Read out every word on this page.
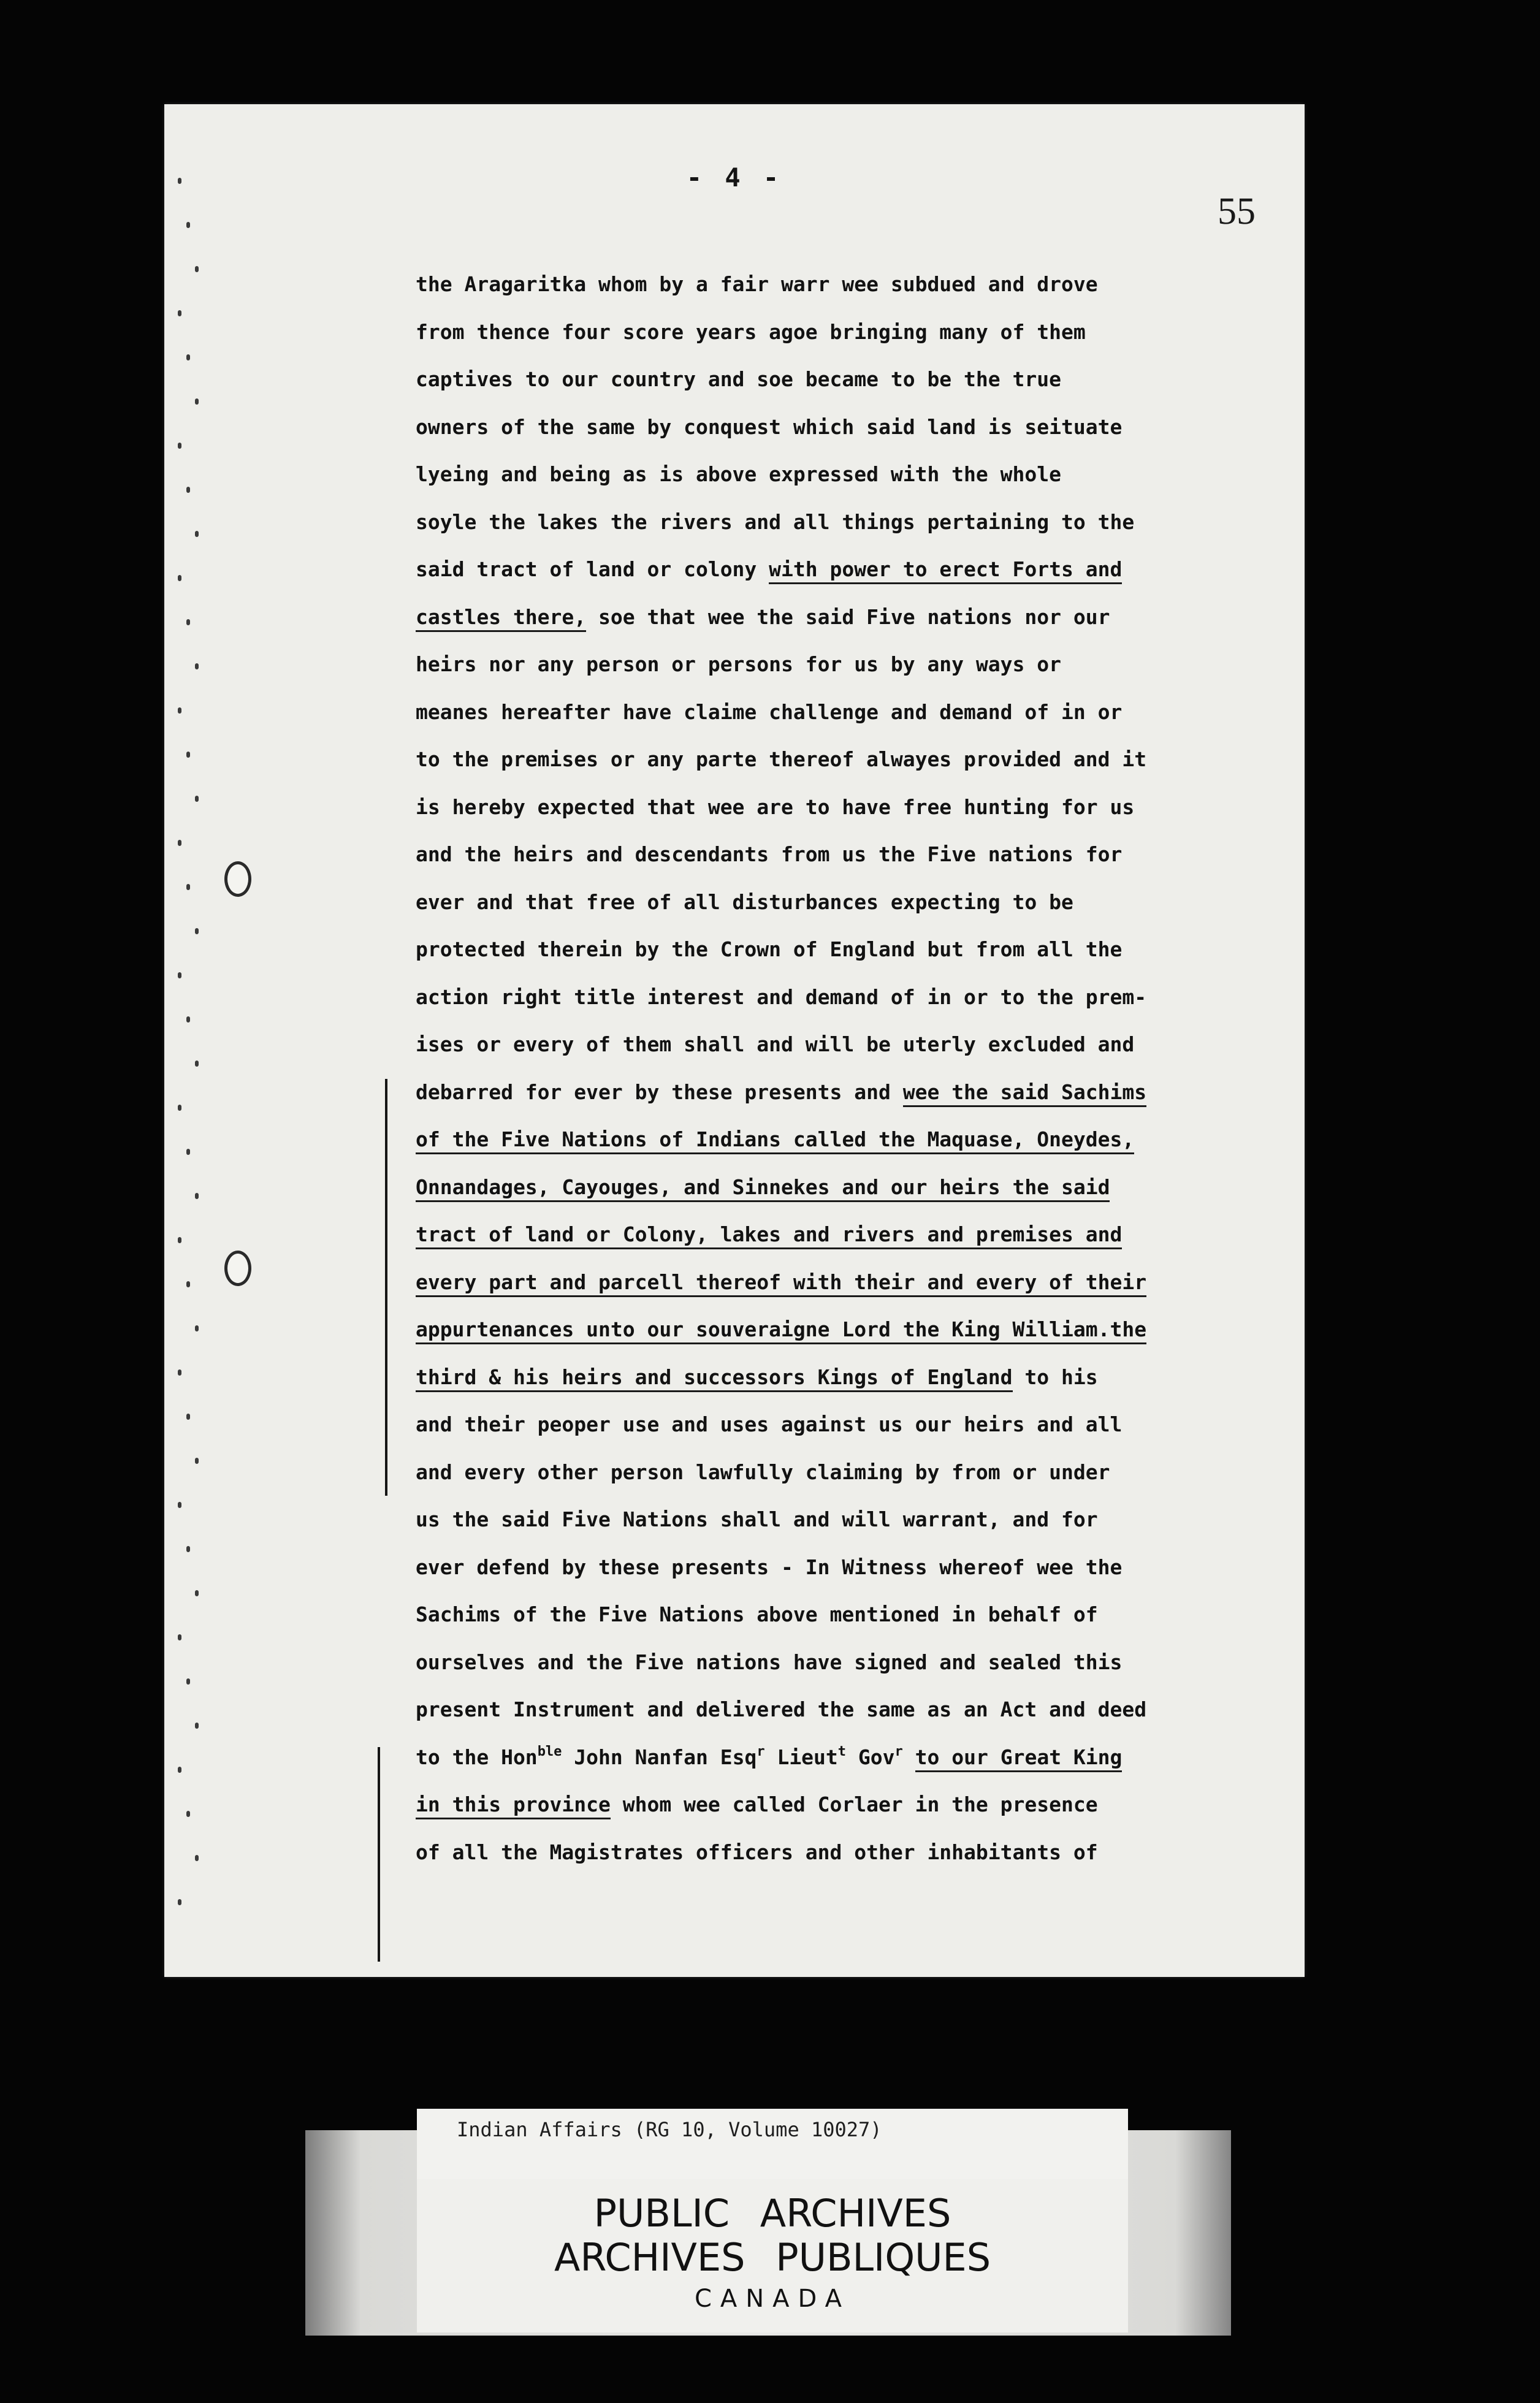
- 4 -
55
the Aragaritka whom by a fair warr wee subdued and drove
from thence four score years agoe bringing many of them
captives to our country and soe became to be the true
owners of the same by conquest which said land is seituate
lyeing and being as is above expressed with the whole
soyle the lakes the rivers and all things pertaining to the
said tract of land or colony with power to erect Forts and
castles there, soe that wee the said Five nations nor our
heirs nor any person or persons for us by any ways or
meanes hereafter have claime challenge and demand of in or
to the premises or any parte thereof alwayes provided and it
is hereby expected that wee are to have free hunting for us
and the heirs and descendants from us the Five nations for
ever and that free of all disturbances expecting to be
protected therein by the Crown of England but from all the
action right title interest and demand of in or to the prem-
ises or every of them shall and will be uterly excluded and
debarred for ever by these presents and wee the said Sachims
of the Five Nations of Indians called the Maquase, Oneydes,
Onnandages, Cayouges, and Sinnekes and our heirs the said
tract of land or Colony, lakes and rivers and premises and
every part and parcell thereof with their and every of their
appurtenances unto our souveraigne Lord the King William.the
third & his heirs and successors Kings of England to his
and their peoper use and uses against us our heirs and all
and every other person lawfully claiming by from or under
us the said Five Nations shall and will warrant, and for
ever defend by these presents - In Witness whereof wee the
Sachims of the Five Nations above mentioned in behalf of
ourselves and the Five nations have signed and sealed this
present Instrument and delivered the same as an Act and deed
to the Hon$^{ble}$ John Nanfan Esq$^r$ Lieut$^t$ Gov$^r$ to our Great King
in this province whom wee called Corlaer in the presence
of all the Magistrates officers and other inhabitants of
Indian Affairs (RG 10, Volume 10027)
PUBLIC ARCHIVES
ARCHIVES PUBLIQUES
CANADA
